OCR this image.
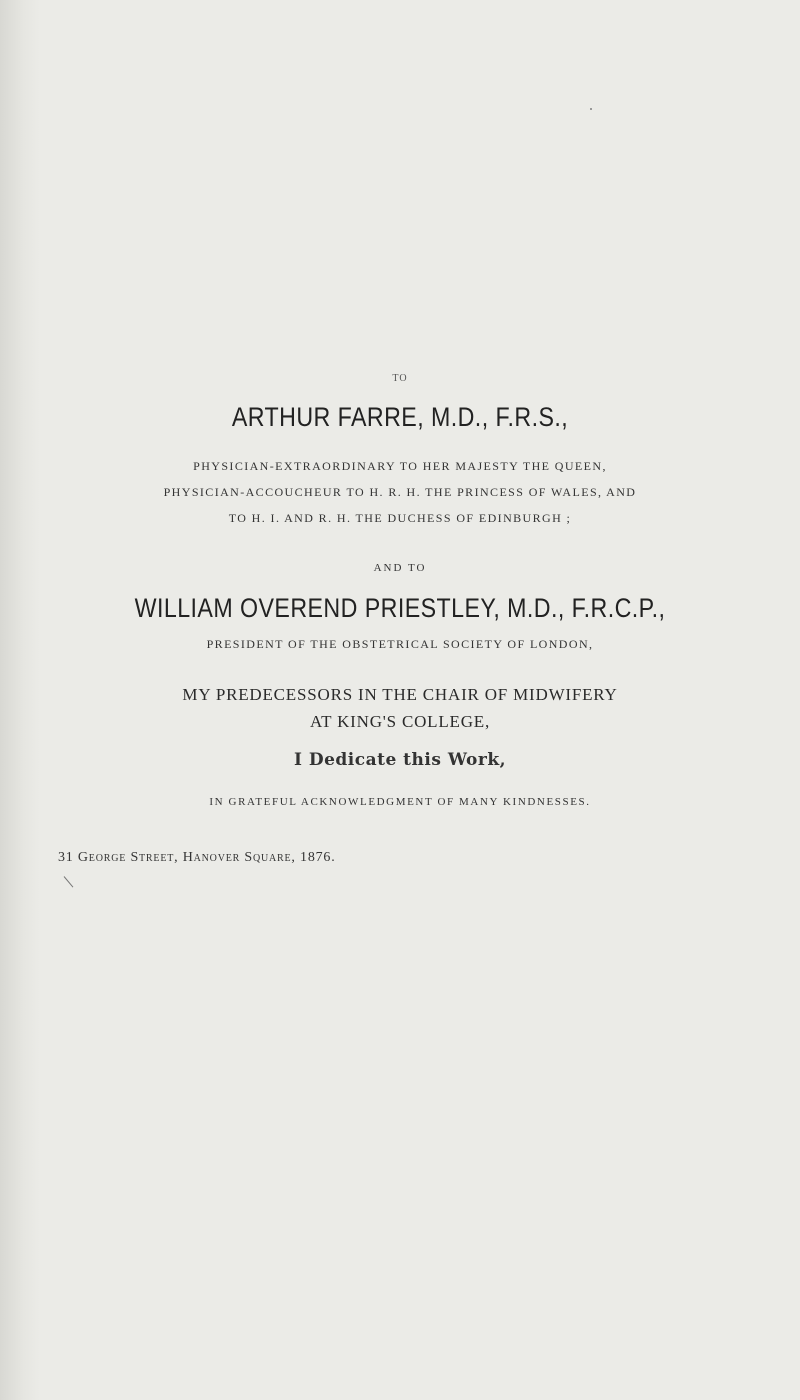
TO
ARTHUR FARRE, M.D., F.R.S.,
PHYSICIAN-EXTRAORDINARY TO HER MAJESTY THE QUEEN,
PHYSICIAN-ACCOUCHEUR TO H. R. H. THE PRINCESS OF WALES, AND
TO H. I. AND R. H. THE DUCHESS OF EDINBURGH ;
AND TO
WILLIAM OVEREND PRIESTLEY, M.D., F.R.C.P.,
PRESIDENT OF THE OBSTETRICAL SOCIETY OF LONDON,
MY PREDECESSORS IN THE CHAIR OF MIDWIFERY
AT KING'S COLLEGE,
I Dedicate this Work,
IN GRATEFUL ACKNOWLEDGMENT OF MANY KINDNESSES.
31 George Street, Hanover Square, 1876.
